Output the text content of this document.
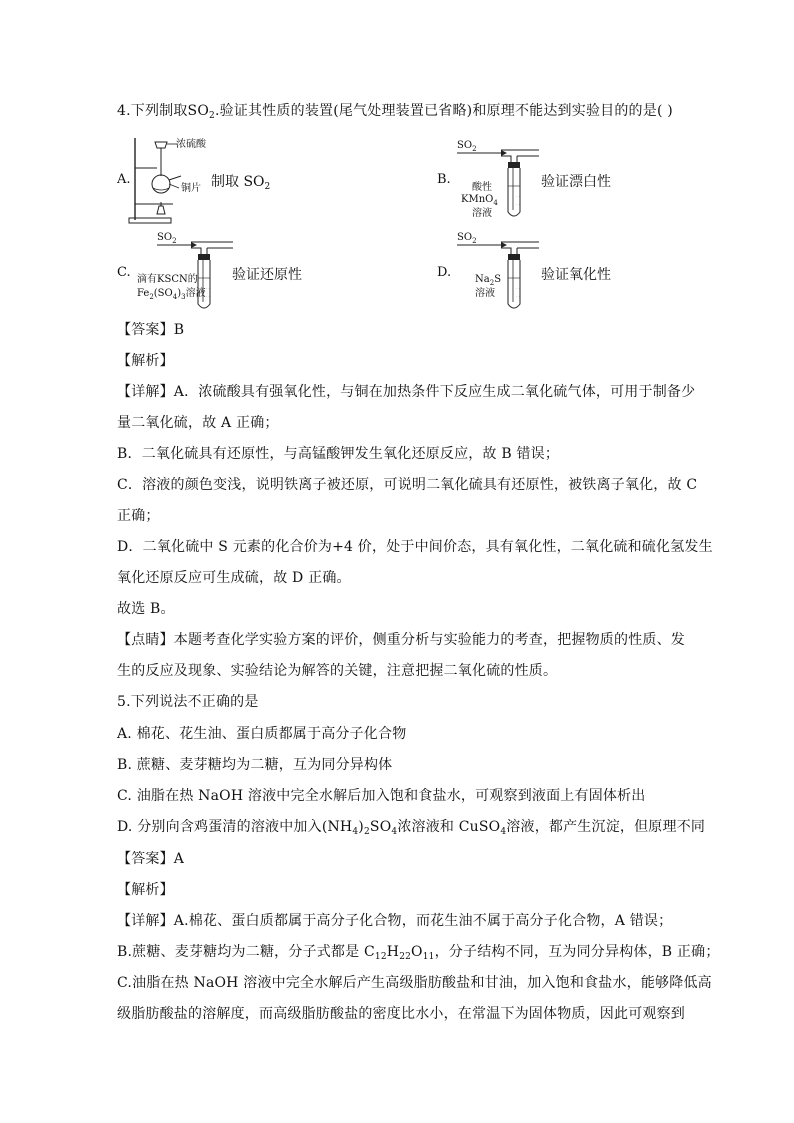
4.下列制取$SO_2$.验证其性质的装置(尾气处理装置已省略)和原理不能达到实验目的的是( )
A.
浓硫酸
铜片 制取 $SO_2$	B.
$SO_2$
· ·
· ·
酸性
KMnO$_4$
溶液
验证漂白性
C.
$SO_2$
· ·
· ·
滴有KSCN的
$Fe_2(SO_4)_3$溶液
验证还原性	D.
$SO_2$
· ·
· ·
$Na_2S$
溶液
验证氧化性
【答案】B
【解析】
【详解】A．浓硫酸具有强氧化性，与铜在加热条件下反应生成二氧化硫气体，可用于制备少
量二氧化硫，故 A 正确；
B．二氧化硫具有还原性，与高锰酸钾发生氧化还原反应，故 B 错误；
C．溶液的颜色变浅，说明铁离子被还原，可说明二氧化硫具有还原性，被铁离子氧化，故 C
正确；
D．二氧化硫中 S 元素的化合价为+4 价，处于中间价态，具有氧化性，二氧化硫和硫化氢发生
氧化还原反应可生成硫，故 D 正确。
故选 B。
【点睛】本题考查化学实验方案的评价，侧重分析与实验能力的考查，把握物质的性质、发
生的反应及现象、实验结论为解答的关键，注意把握二氧化硫的性质。
5.下列说法不正确的是
A. 棉花、花生油、蛋白质都属于高分子化合物
B. 蔗糖、麦芽糖均为二糖，互为同分异构体
C. 油脂在热 NaOH 溶液中完全水解后加入饱和食盐水，可观察到液面上有固体析出
D. 分别向含鸡蛋清的溶液中加入$(NH_4)_2SO_4$浓溶液和 CuSO$_4$溶液，都产生沉淀，但原理不同
【答案】A
【解析】
【详解】A.棉花、蛋白质都属于高分子化合物，而花生油不属于高分子化合物，A 错误；
B.蔗糖、麦芽糖均为二糖，分子式都是 $C_{12}H_{22}O_{11}$，分子结构不同，互为同分异构体，B 正确；
C.油脂在热 NaOH 溶液中完全水解后产生高级脂肪酸盐和甘油，加入饱和食盐水，能够降低高
级脂肪酸盐的溶解度，而高级脂肪酸盐的密度比水小，在常温下为固体物质，因此可观察到
